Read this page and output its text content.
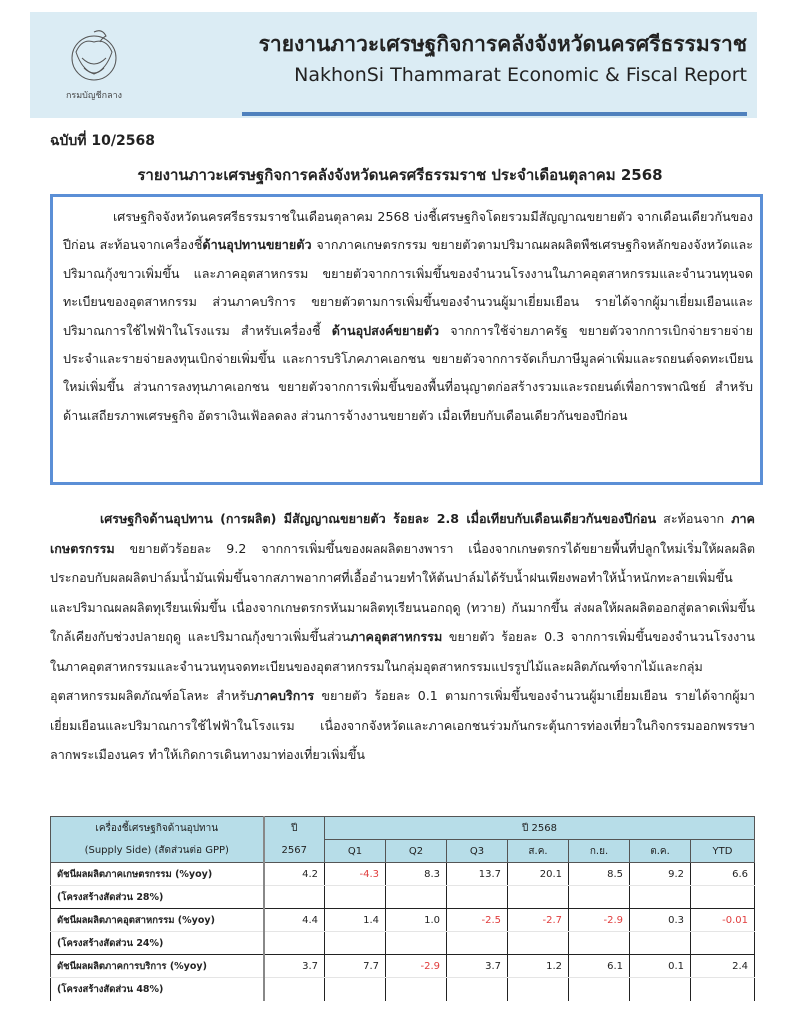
กรมบัญชีกลาง
รายงานภาวะเศรษฐกิจการคลังจังหวัดนครศรีธรรมราช
NakhonSi Thammarat Economic & Fiscal Report
ฉบับที่ 10/2568
รายงานภาวะเศรษฐกิจการคลังจังหวัดนครศรีธรรมราช ประจำเดือนตุลาคม 2568
เศรษฐกิจจังหวัดนครศรีธรรมราชในเดือนตุลาคม 2568 บ่งชี้เศรษฐกิจโดยรวมมีสัญญาณขยายตัว จากเดือนเดียวกันของปีก่อน สะท้อนจากเครื่องชี้ด้านอุปทานขยายตัว จากภาคเกษตรกรรม ขยายตัวตามปริมาณผลผลิตพืชเศรษฐกิจหลักของจังหวัดและปริมาณกุ้งขาวเพิ่มขึ้น และภาคอุตสาหกรรม ขยายตัวจากการเพิ่มขึ้นของจำนวนโรงงานในภาคอุตสาหกรรมและจำนวนทุนจดทะเบียนของอุตสาหกรรม ส่วนภาคบริการ ขยายตัวตามการเพิ่มขึ้นของจำนวนผู้มาเยี่ยมเยือน รายได้จากผู้มาเยี่ยมเยือนและปริมาณการใช้ไฟฟ้าในโรงแรม สำหรับเครื่องชี้ ด้านอุปสงค์ขยายตัว จากการใช้จ่ายภาครัฐ ขยายตัวจากการเบิกจ่ายรายจ่ายประจำและรายจ่ายลงทุนเบิกจ่ายเพิ่มขึ้น และการบริโภคภาคเอกชน ขยายตัวจากการจัดเก็บภาษีมูลค่าเพิ่มและรถยนต์จดทะเบียนใหม่เพิ่มขึ้น ส่วนการลงทุนภาคเอกชน ขยายตัวจากการเพิ่มขึ้นของพื้นที่อนุญาตก่อสร้างรวมและรถยนต์เพื่อการพาณิชย์ สำหรับด้านเสถียรภาพเศรษฐกิจ อัตราเงินเฟ้อลดลง ส่วนการจ้างงานขยายตัว เมื่อเทียบกับเดือนเดียวกันของปีก่อน
เศรษฐกิจด้านอุปทาน (การผลิต) มีสัญญาณขยายตัว ร้อยละ 2.8 เมื่อเทียบกับเดือนเดียวกันของปีก่อน สะท้อนจาก ภาคเกษตรกรรม ขยายตัวร้อยละ 9.2 จากการเพิ่มขึ้นของผลผลิตยางพารา เนื่องจากเกษตรกรได้ขยายพื้นที่ปลูกใหม่เริ่มให้ผลผลิต ประกอบกับผลผลิตปาล์มน้ำมันเพิ่มขึ้นจากสภาพอากาศที่เอื้ออำนวยทำให้ต้นปาล์มได้รับน้ำฝนเพียงพอทำให้น้ำหนักทะลายเพิ่มขึ้น และปริมาณผลผลิตทุเรียนเพิ่มขึ้น เนื่องจากเกษตรกรหันมาผลิตทุเรียนนอกฤดู (ทวาย) กันมากขึ้น ส่งผลให้ผลผลิตออกสู่ตลาดเพิ่มขึ้นใกล้เคียงกับช่วงปลายฤดู และปริมาณกุ้งขาวเพิ่มขึ้นส่วนภาคอุตสาหกรรม ขยายตัว ร้อยละ 0.3 จากการเพิ่มขึ้นของจำนวนโรงงานในภาคอุตสาหกรรมและจำนวนทุนจดทะเบียนของอุตสาหกรรมในกลุ่มอุตสาหกรรมแปรรูปไม้และผลิตภัณฑ์จากไม้และกลุ่มอุตสาหกรรมผลิตภัณฑ์อโลหะ สำหรับภาคบริการ ขยายตัว ร้อยละ 0.1 ตามการเพิ่มขึ้นของจำนวนผู้มาเยี่ยมเยือน รายได้จากผู้มาเยี่ยมเยือนและปริมาณการใช้ไฟฟ้าในโรงแรม เนื่องจากจังหวัดและภาคเอกชนร่วมกันกระตุ้นการท่องเที่ยวในกิจกรรมออกพรรษาลากพระเมืองนคร ทำให้เกิดการเดินทางมาท่องเที่ยวเพิ่มขึ้น
เครื่องชี้เศรษฐกิจด้านอุปทาน	ปี	ปี 2568						
(Supply Side) (สัดส่วนต่อ GPP)	2567	Q1	Q2	Q3	ส.ค.	ก.ย.	ต.ค.	YTD
ดัชนีผลผลิตภาคเกษตรกรรม (%yoy)	4.2	-4.3	8.3	13.7	20.1	8.5	9.2	6.6
(โครงสร้างสัดส่วน 28%)								
ดัชนีผลผลิตภาคอุตสาหกรรม (%yoy)	4.4	1.4	1.0	-2.5	-2.7	-2.9	0.3	-0.01
(โครงสร้างสัดส่วน 24%)								
ดัชนีผลผลิตภาคการบริการ (%yoy)	3.7	7.7	-2.9	3.7	1.2	6.1	0.1	2.4
(โครงสร้างสัดส่วน 48%)								
